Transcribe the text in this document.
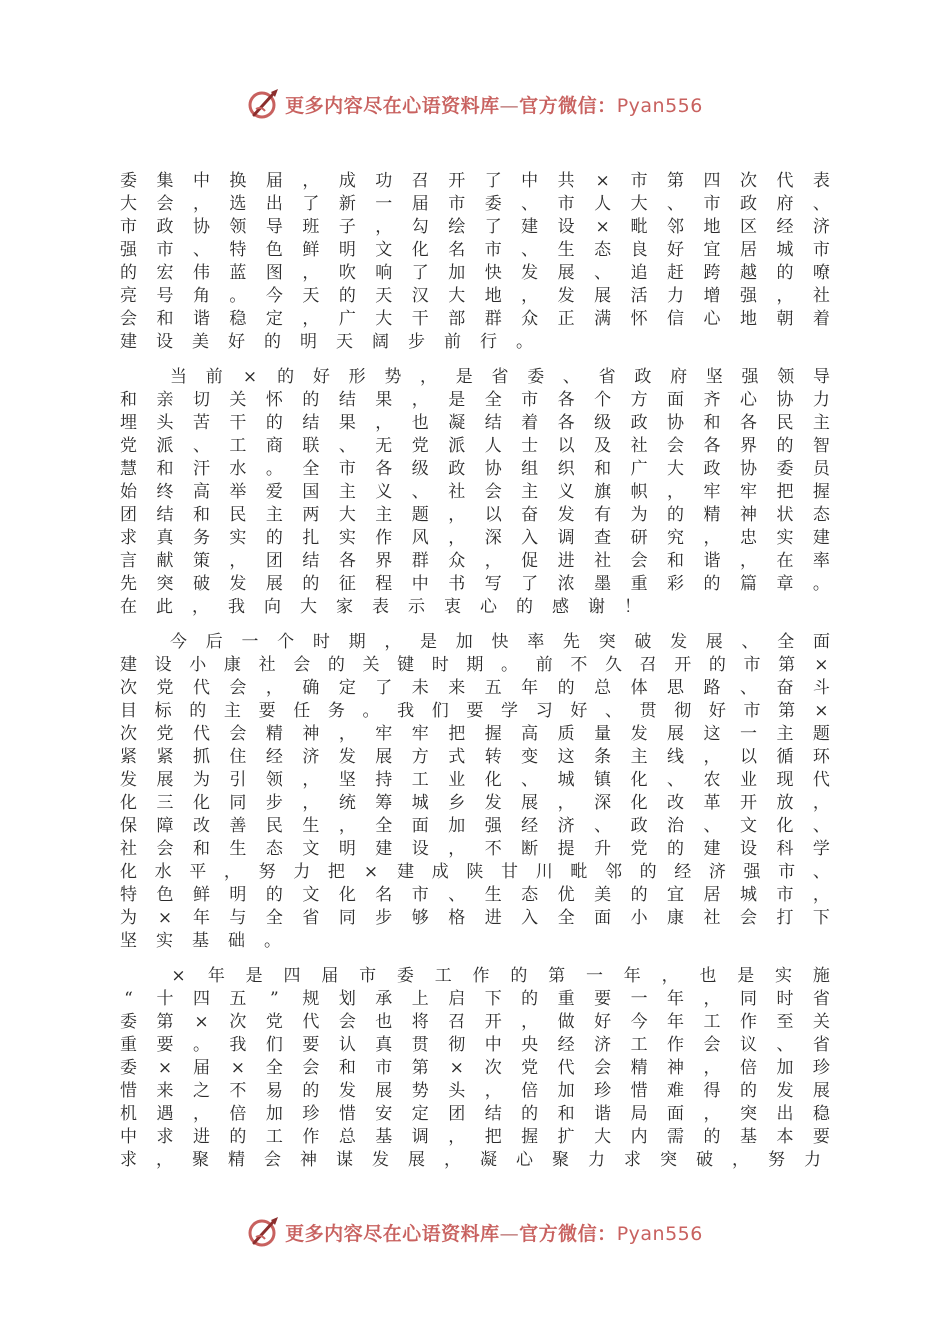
更多内容尽在心语资料库—官方微信：Pyan556
委 集 中 换 届 ， 成 功 召 开 了 中 共 × 市 第 四 次 代 表
大 会 ， 选 出 了 新 一 届 市 委 、 市 人 大 、 市 政 府 、
市 政 协 领 导 班 子 ， 勾 绘 了 建 设 × 毗 邻 地 区 经 济
强 市 、 特 色 鲜 明 文 化 名 市 、 生 态 良 好 宜 居 城 市
的 宏 伟 蓝 图 ， 吹 响 了 加 快 发 展 、 追 赶 跨 越 的 嘹
亮 号 角 。 今 天 的 天 汉 大 地 ， 发 展 活 力 增 强 ， 社
会 和 谐 稳 定 ， 广 大 干 部 群 众 正 满 怀 信 心 地 朝 着
建 设 美 好 的 明 天 阔 步 前 行 。
当 前 × 的 好 形 势 ， 是 省 委 、 省 政 府 坚 强 领 导
和 亲 切 关 怀 的 结 果 ， 是 全 市 各 个 方 面 齐 心 协 力
埋 头 苦 干 的 结 果 ， 也 凝 结 着 各 级 政 协 和 各 民 主
党 派 、 工 商 联 、 无 党 派 人 士 以 及 社 会 各 界 的 智
慧 和 汗 水 。 全 市 各 级 政 协 组 织 和 广 大 政 协 委 员
始 终 高 举 爱 国 主 义 、 社 会 主 义 旗 帜 ， 牢 牢 把 握
团 结 和 民 主 两 大 主 题 ， 以 奋 发 有 为 的 精 神 状 态
求 真 务 实 的 扎 实 作 风 ， 深 入 调 查 研 究 ， 忠 实 建
言 献 策 ， 团 结 各 界 群 众 ， 促 进 社 会 和 谐 ， 在 率
先 突 破 发 展 的 征 程 中 书 写 了 浓 墨 重 彩 的 篇 章 。
在 此 ， 我 向 大 家 表 示 衷 心 的 感 谢 ！
今 后 一 个 时 期 ， 是 加 快 率 先 突 破 发 展 、 全 面
建 设 小 康 社 会 的 关 键 时 期 。 前 不 久 召 开 的 市 第 ×
次 党 代 会 ， 确 定 了 未 来 五 年 的 总 体 思 路 、 奋 斗
目 标 的 主 要 任 务 。 我 们 要 学 习 好 、 贯 彻 好 市 第 ×
次 党 代 会 精 神 ， 牢 牢 把 握 高 质 量 发 展 这 一 主 题
紧 紧 抓 住 经 济 发 展 方 式 转 变 这 条 主 线 ， 以 循 环
发 展 为 引 领 ， 坚 持 工 业 化 、 城 镇 化 、 农 业 现 代
化 三 化 同 步 ， 统 筹 城 乡 发 展 ， 深 化 改 革 开 放 ，
保 障 改 善 民 生 ， 全 面 加 强 经 济 、 政 治 、 文 化 、
社 会 和 生 态 文 明 建 设 ， 不 断 提 升 党 的 建 设 科 学
化 水 平 ， 努 力 把 × 建 成 陕 甘 川 毗 邻 的 经 济 强 市 、
特 色 鲜 明 的 文 化 名 市 、 生 态 优 美 的 宜 居 城 市 ，
为 × 年 与 全 省 同 步 够 格 进 入 全 面 小 康 社 会 打 下
坚 实 基 础 。
× 年 是 四 届 市 委 工 作 的 第 一 年 ， 也 是 实 施
“ 十 四 五 ” 规 划 承 上 启 下 的 重 要 一 年 ， 同 时 省
委 第 × 次 党 代 会 也 将 召 开 ， 做 好 今 年 工 作 至 关
重 要 。 我 们 要 认 真 贯 彻 中 央 经 济 工 作 会 议 、 省
委 × 届 × 全 会 和 市 第 × 次 党 代 会 精 神 ， 倍 加 珍
惜 来 之 不 易 的 发 展 势 头 ， 倍 加 珍 惜 难 得 的 发 展
机 遇 ， 倍 加 珍 惜 安 定 团 结 的 和 谐 局 面 ， 突 出 稳
中 求 进 的 工 作 总 基 调 ， 把 握 扩 大 内 需 的 基 本 要
求 ， 聚 精 会 神 谋 发 展 ， 凝 心 聚 力 求 突 破 ， 努 力
更多内容尽在心语资料库—官方微信：Pyan556
